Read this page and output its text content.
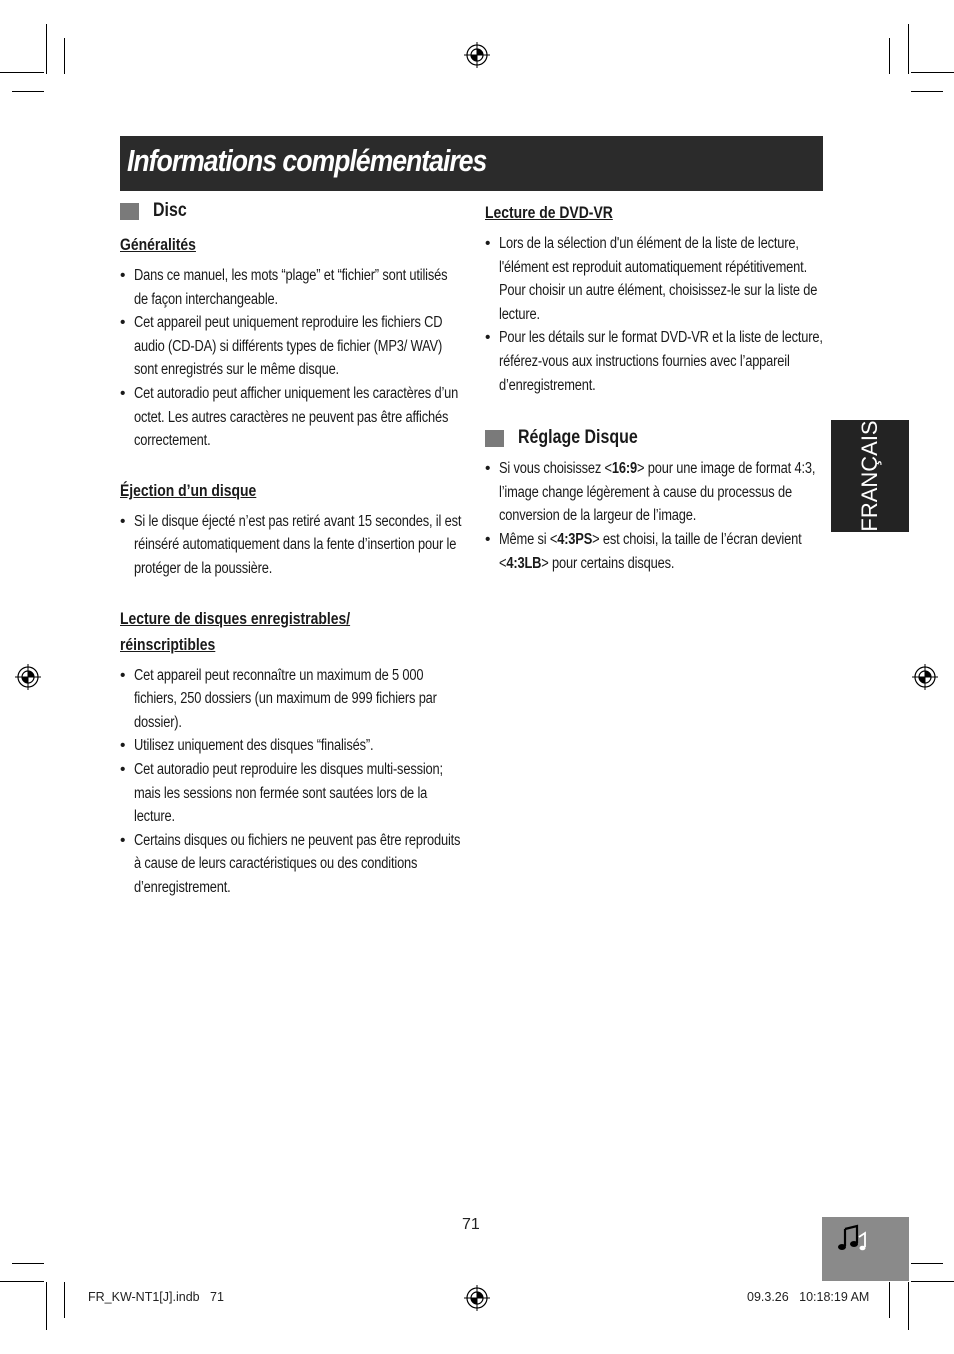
Informations complémentaires
Disc
Généralités
• Dans ce manuel, les mots “plage” et “fichier” sont utilisés de façon interchangeable.
• Cet appareil peut uniquement reproduire les fichiers CD audio (CD-DA) si différents types de fichier (MP3/ WAV) sont enregistrés sur le même disque.
• Cet autoradio peut afficher uniquement les caractères d’un octet. Les autres caractères ne peuvent pas être affichés correctement.
Éjection d’un disque
• Si le disque éjecté n’est pas retiré avant 15 secondes, il est réinséré automatiquement dans la fente d’insertion pour le protéger de la poussière.
Lecture de disques enregistrables/
réinscriptibles
• Cet appareil peut reconnaître un maximum de 5 000 fichiers, 250 dossiers (un maximum de 999 fichiers par dossier).
• Utilisez uniquement des disques “finalisés”.
• Cet autoradio peut reproduire les disques multi-session; mais les sessions non fermée sont sautées lors de la lecture.
• Certains disques ou fichiers ne peuvent pas être reproduits à cause de leurs caractéristiques ou des conditions d’enregistrement.
Lecture de DVD-VR
• Lors de la sélection d'un élément de la liste de lecture, l'élément est reproduit automatiquement répétitivement. Pour choisir un autre élément, choisissez-le sur la liste de lecture.
• Pour les détails sur le format DVD-VR et la liste de lecture, référez-vous aux instructions fournies avec l’appareil d’enregistrement.
Réglage Disque
• Si vous choisissez <16:9> pour une image de format 4:3, l’image change légèrement à cause du processus de conversion de la largeur de l’image.
• Même si <4:3PS> est choisi, la taille de l’écran devient <4:3LB> pour certains disques.
FRANÇAIS
71
FR_KW-NT1[J].indb   71	09.3.26   10:18:19 AM
